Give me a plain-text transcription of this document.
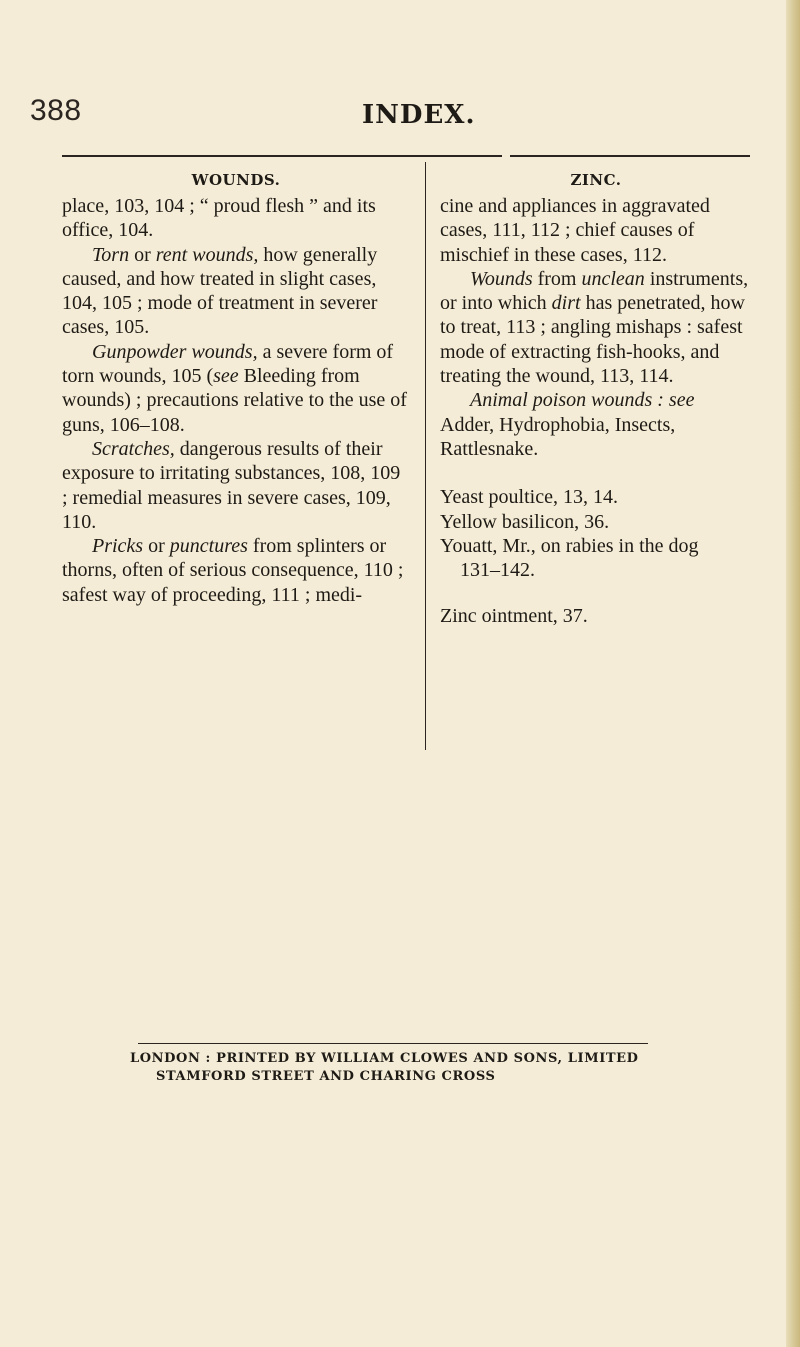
388	INDEX.
WOUNDS.

place, 103, 104 ; “ proud flesh ” and its office, 104.

Torn or rent wounds, how generally caused, and how treated in slight cases, 104, 105 ; mode of treatment in severer cases, 105.

Gunpowder wounds, a severe form of torn wounds, 105 (see Bleeding from wounds) ; precautions relative to the use of guns, 106–108.

Scratches, dangerous results of their exposure to irritating substances, 108, 109 ; remedial measures in severe cases, 109, 110.

Pricks or punctures from splinters or thorns, often of serious consequence, 110 ; safest way of proceeding, 111 ; medi-

ZINC.

cine and appliances in aggravated cases, 111, 112 ; chief causes of mischief in these cases, 112.

Wounds from unclean instruments, or into which dirt has penetrated, how to treat, 113 ; angling mishaps : safest mode of extracting fish-hooks, and treating the wound, 113, 114.

Animal poison wounds : see Adder, Hydrophobia, Insects, Rattlesnake.

Yeast poultice, 13, 14.

Yellow basilicon, 36.

Youatt, Mr., on rabies in the dog

131–142.

Zinc ointment, 37.

LONDON : PRINTED BY WILLIAM CLOWES AND SONS, LIMITED
STAMFORD STREET AND CHARING CROSS
